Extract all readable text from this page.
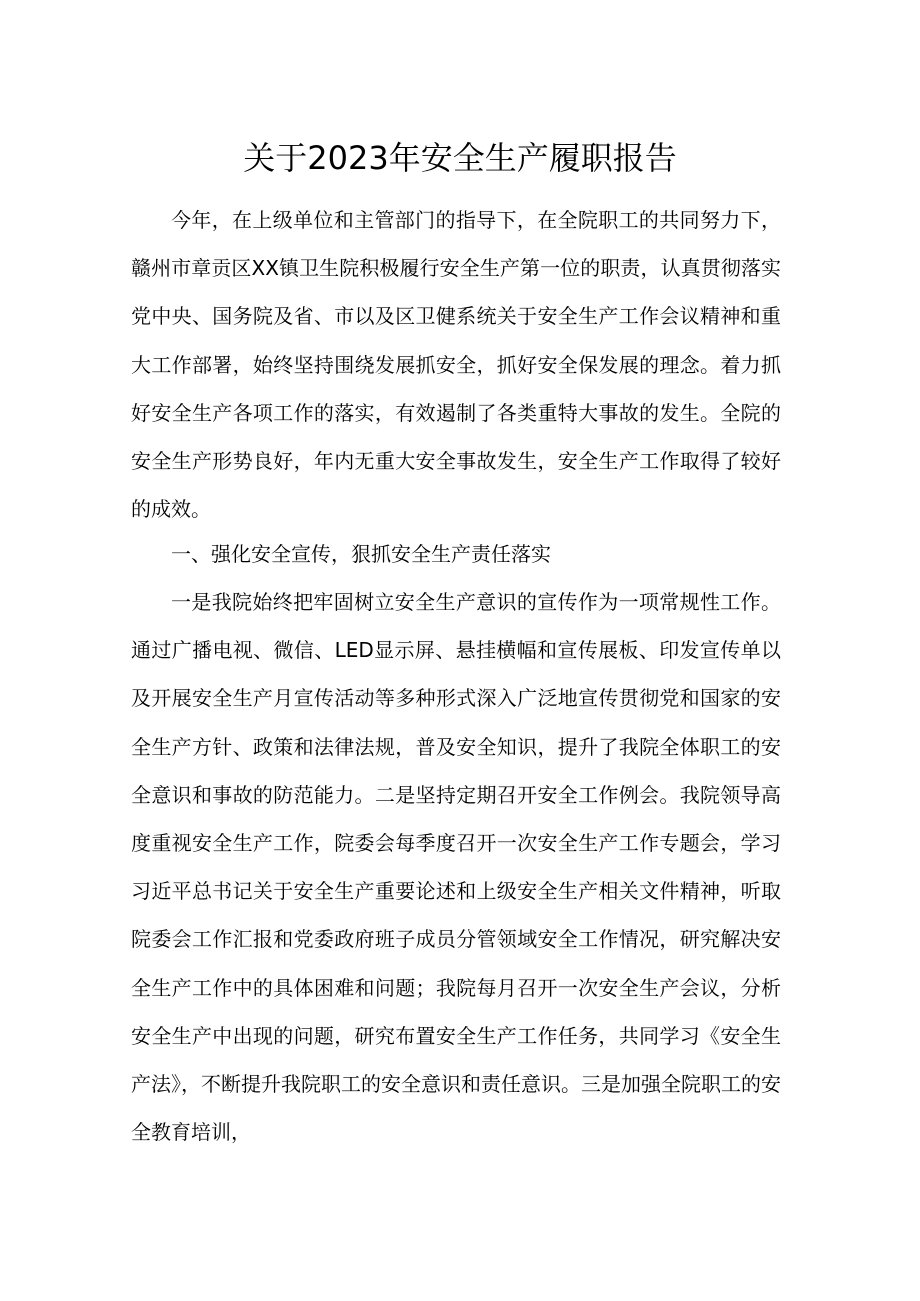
关于2023年安全生产履职报告

今年，在上级单位和主管部门的指导下，在全院职工的共同努力下，赣州市章贡区XX镇卫生院积极履行安全生产第一位的职责，认真贯彻落实党中央、国务院及省、市以及区卫健系统关于安全生产工作会议精神和重大工作部署，始终坚持围绕发展抓安全，抓好安全保发展的理念。着力抓好安全生产各项工作的落实，有效遏制了各类重特大事故的发生。全院的安全生产形势良好，年内无重大安全事故发生，安全生产工作取得了较好的成效。

一、强化安全宣传，狠抓安全生产责任落实

一是我院始终把牢固树立安全生产意识的宣传作为一项常规性工作。通过广播电视、微信、LED显示屏、悬挂横幅和宣传展板、印发宣传单以及开展安全生产月宣传活动等多种形式深入广泛地宣传贯彻党和国家的安全生产方针、政策和法律法规，普及安全知识，提升了我院全体职工的安全意识和事故的防范能力。二是坚持定期召开安全工作例会。我院领导高度重视安全生产工作，院委会每季度召开一次安全生产工作专题会，学习习近平总书记关于安全生产重要论述和上级安全生产相关文件精神，听取院委会工作汇报和党委政府班子成员分管领域安全工作情况，研究解决安全生产工作中的具体困难和问题；我院每月召开一次安全生产会议，分析安全生产中出现的问题，研究布置安全生产工作任务，共同学习《安全生产法》，不断提升我院职工的安全意识和责任意识。三是加强全院职工的安全教育培训，
